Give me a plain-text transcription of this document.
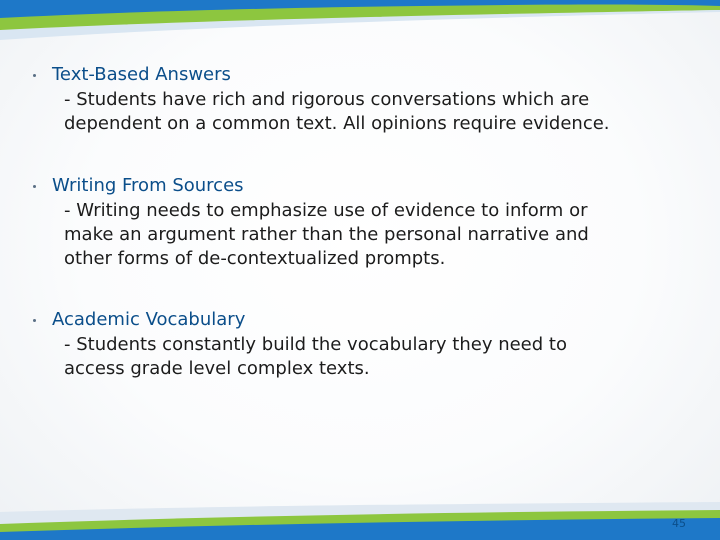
Text-Based Answers

- Students have rich and rigorous conversations which are
dependent on a common text. All opinions require evidence.

Writing From Sources

- Writing needs to emphasize use of evidence to inform or
make an argument rather than the personal narrative and
other forms of de-contextualized prompts.

Academic Vocabulary

- Students constantly build the vocabulary they need to
access grade level complex texts.

45
